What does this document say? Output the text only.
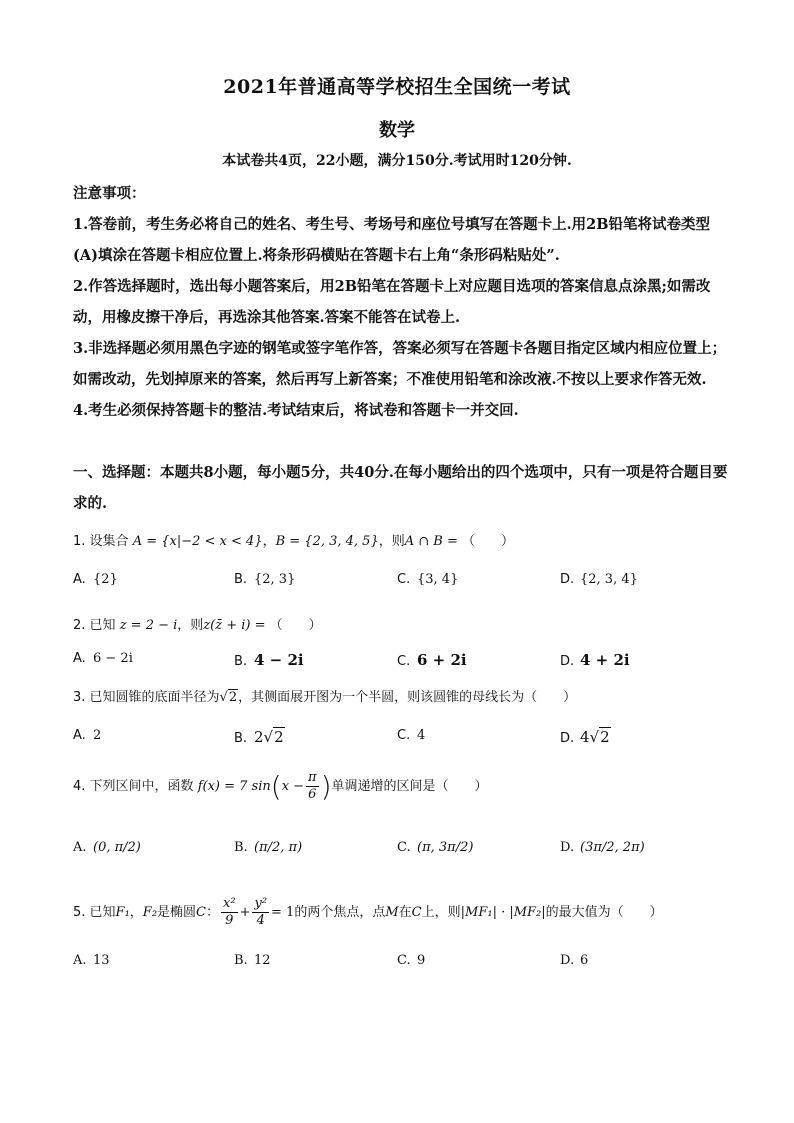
2021年普通高等学校招生全国统一考试
数学
本试卷共4页，22小题，满分150分.考试用时120分钟.
注意事项：

1.答卷前，考生务必将自己的姓名、考生号、考场号和座位号填写在答题卡上.用2B铅笔将试卷类型(A)填涂在答题卡相应位置上.将条形码横贴在答题卡右上角“条形码粘贴处”.

2.作答选择题时，选出每小题答案后，用2B铅笔在答题卡上对应题目选项的答案信息点涂黑;如需改动，用橡皮擦干净后，再选涂其他答案.答案不能答在试卷上.

3.非选择题必须用黑色字迹的钢笔或签字笔作答，答案必须写在答题卡各题目指定区域内相应位置上；如需改动，先划掉原来的答案，然后再写上新答案；不准使用铅笔和涂改液.不按以上要求作答无效.

4.考生必须保持答题卡的整洁.考试结束后，将试卷和答题卡一并交回.

一、选择题：本题共8小题，每小题5分，共40分.在每小题给出的四个选项中，只有一项是符合题目要求的.

1. 设集合 A = {x|−2 < x < 4}，B = {2, 3, 4, 5}，则A ∩ B = （　　）
A. {2}	B. {2, 3}	C. {3, 4}	D. {2, 3, 4}
2. 已知 z = 2 − i，则z(z̄ + i) = （　　）
A. 6 − 2i	B. 4 − 2i	C. 6 + 2i	D. 4 + 2i
3. 已知圆锥的底面半径为√2，其侧面展开图为一个半圆，则该圆锥的母线长为（　　）
A. 2	B. 2√2	C. 4	D. 4√2
4. 下列区间中，函数 f(x) = 7 $\sin(x - \frac{\pi}{6}$ )单调递增的区间是（　　）
A. (0, π/2)	B. (π/2, π)	C. (π, 3π/2)	D. (3π/2, 2π)
5. 已知F₁，F₂是椭圆C： $\frac{\text{x²}}{9} + \frac{\text{y²}}{4} = 1$的两个焦点，点M在C上，则|MF₁| · |MF₂|的最大值为（　　）
A. 13	B. 12	C. 9	D. 6
